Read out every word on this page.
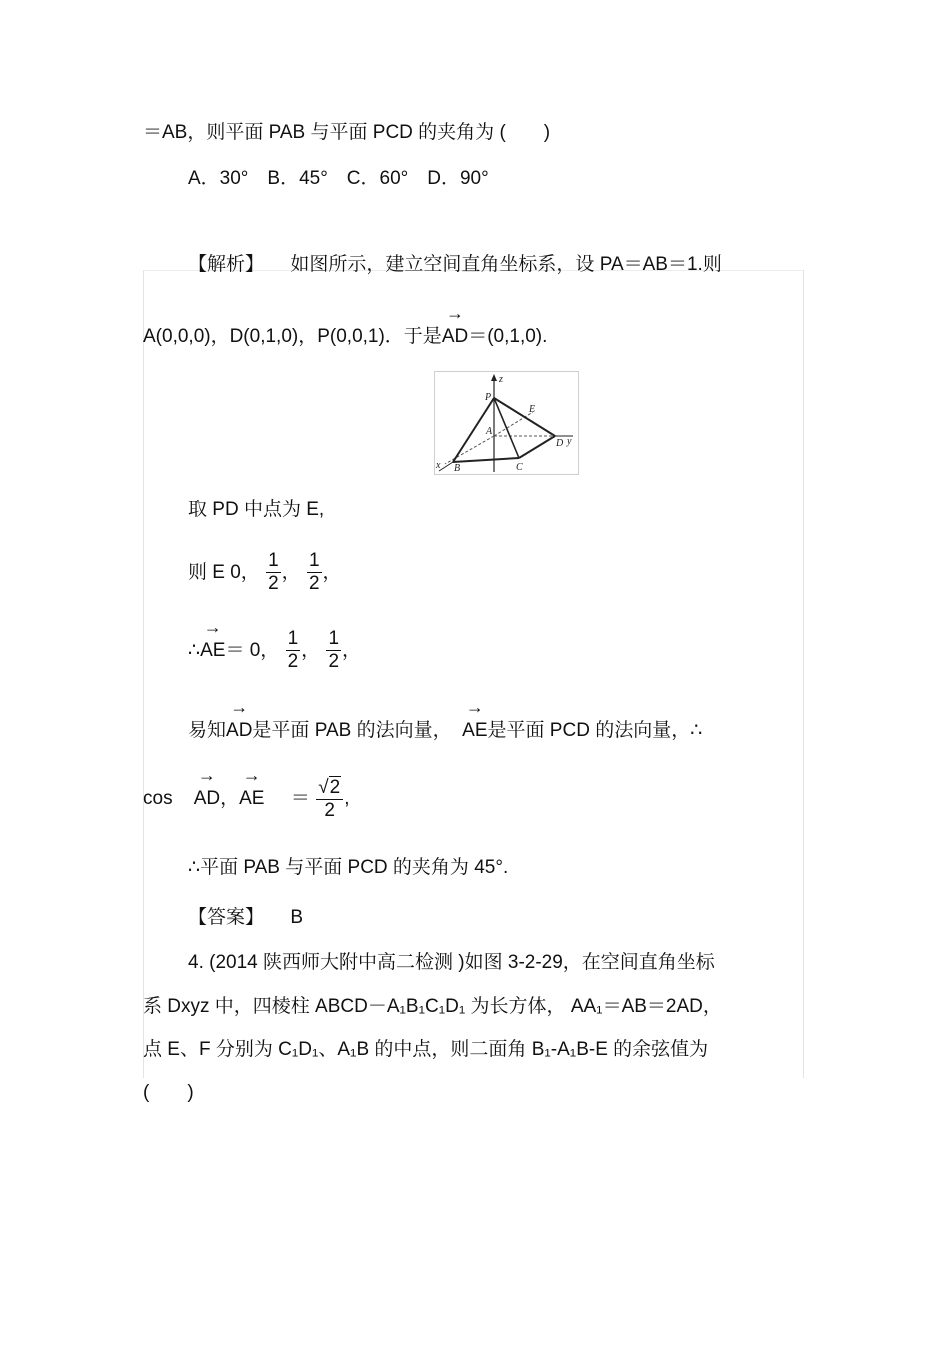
＝AB，则平面 PAB 与平面 PCD 的夹角为 (　　)
A．30°　B．45°　C．60°　D．90°
【解析】 如图所示，建立空间直角坐标系，设 PA＝AB＝1.则
A(0,0,0)，D(0,1,0)，P(0,0,1)．于是→ AD＝(0,1,0).
z
y
x
P
E
A
D
B	C
取 PD 中点为 E,
则 E 0， $\frac{1}{2}$ ， $\frac{1}{2}$ ，
∴→ AE＝ 0， $\frac{1}{2}$ ， $\frac{1}{2}$ ，
易知→ AD是平面 PAB 的法向量， → AE是平面 PCD 的法向量，∴
cos → AD，→ AE ＝ $\frac{√2}{2}$ ,
∴平面 PAB 与平面 PCD 的夹角为 45°.
【答案】 B
4. (2014 陕西师大附中高二检测 )如图 3-2-29，在空间直角坐标
系 Dxyz 中，四棱柱 ABCD－A₁B₁C₁D₁ 为长方体， AA₁＝AB＝2AD，
点 E、F 分别为 C₁D₁、A₁B 的中点，则二面角 B₁-A₁B-E 的余弦值为
(　　)
